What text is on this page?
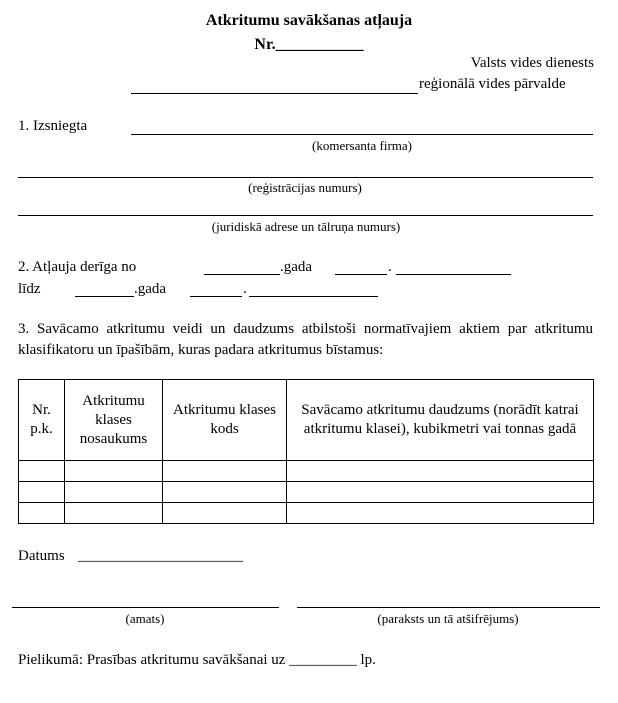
Atkritumu savākšanas atļauja
Nr.___________
Valsts vides dienests
reģionālā vides pārvalde
1. Izsniegta
(komersanta firma)
(reģistrācijas numurs)
(juridiskā adrese un tālruņa numurs)
2. Atļauja derīga no	.gada	.
līdz	.gada	.
3. Savācamo atkritumu veidi un daudzums atbilstoši normatīvajiem aktiem par atkritumu klasifikatoru un īpašībām, kuras padara atkritumus bīstamus:
Nr. p.k.	Atkritumu klases nosaukums	Atkritumu klases kods	Savācamo atkritumu daudzums (norādīt katrai atkritumu klasei), kubikmetri vai tonnas gadā

Datums ______________________
(amats)	(paraksts un tā atšifrējums)
Pielikumā: Prasības atkritumu savākšanai uz _________ lp.
